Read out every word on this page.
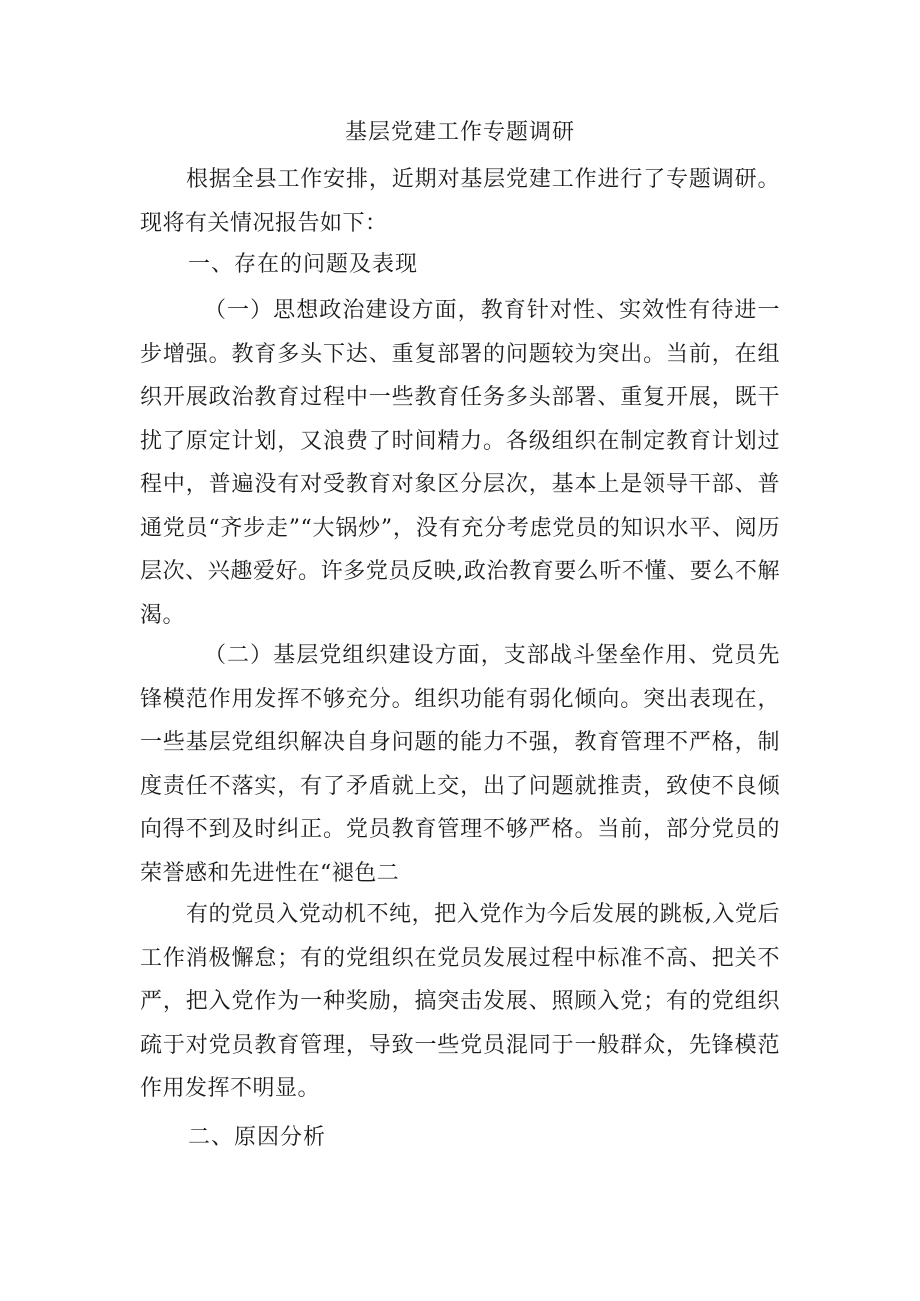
基层党建工作专题调研

根据全县工作安排，近期对基层党建工作进行了专题调研。现将有关情况报告如下：

一、存在的问题及表现

（一）思想政治建设方面，教育针对性、实效性有待进一步增强。教育多头下达、重复部署的问题较为突出。当前，在组织开展政治教育过程中一些教育任务多头部署、重复开展，既干扰了原定计划，又浪费了时间精力。各级组织在制定教育计划过程中，普遍没有对受教育对象区分层次，基本上是领导干部、普通党员“齐步走”“大锅炒”，没有充分考虑党员的知识水平、阅历层次、兴趣爱好。许多党员反映,政治教育要么听不懂、要么不解渴。

（二）基层党组织建设方面，支部战斗堡垒作用、党员先锋模范作用发挥不够充分。组织功能有弱化倾向。突出表现在，一些基层党组织解决自身问题的能力不强，教育管理不严格，制度责任不落实，有了矛盾就上交，出了问题就推责，致使不良倾向得不到及时纠正。党员教育管理不够严格。当前，部分党员的荣誉感和先进性在“褪色二

有的党员入党动机不纯，把入党作为今后发展的跳板,入党后工作消极懈怠；有的党组织在党员发展过程中标准不高、把关不严，把入党作为一种奖励，搞突击发展、照顾入党；有的党组织疏于对党员教育管理，导致一些党员混同于一般群众，先锋模范作用发挥不明显。

二、原因分析
